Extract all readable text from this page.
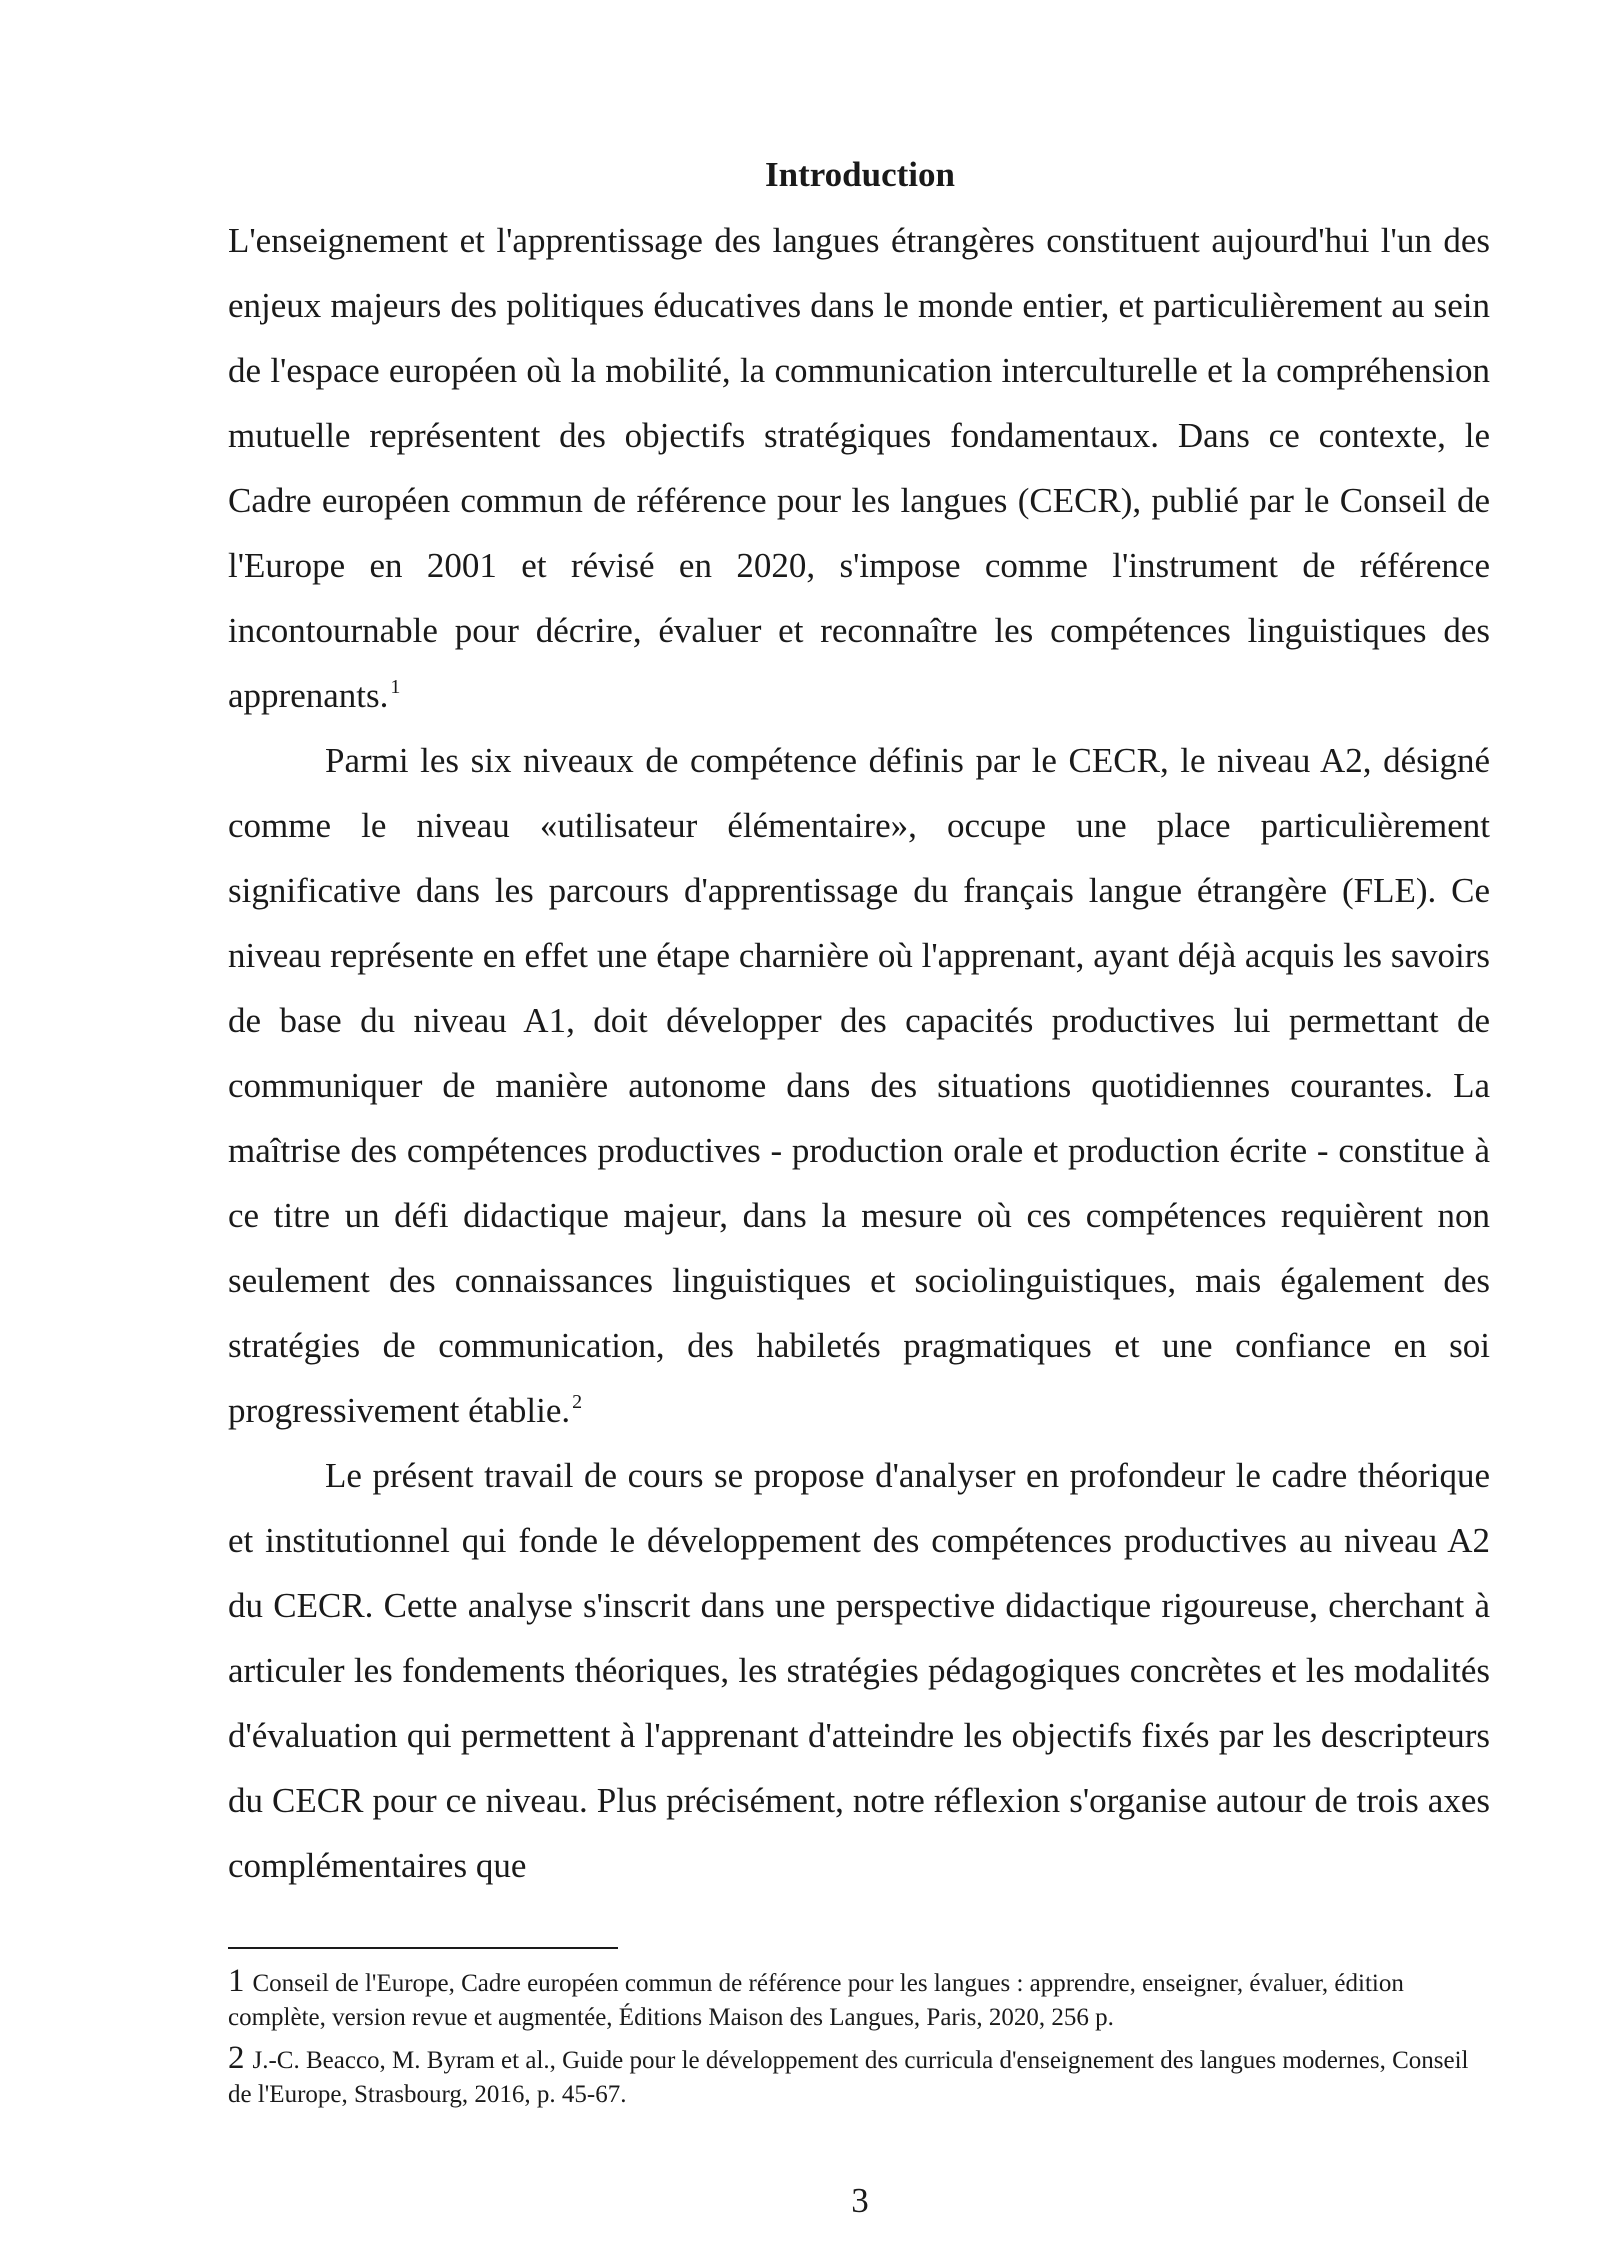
Introduction

L'enseignement et l'apprentissage des langues étrangères constituent aujourd'hui l'un des enjeux majeurs des politiques éducatives dans le monde entier, et particulièrement au sein de l'espace européen où la mobilité, la communication interculturelle et la compréhension mutuelle représentent des objectifs stratégiques fondamentaux. Dans ce contexte, le Cadre européen commun de référence pour les langues (CECR), publié par le Conseil de l'Europe en 2001 et révisé en 2020, s'impose comme l'instrument de référence incontournable pour décrire, évaluer et reconnaître les compétences linguistiques des apprenants. $^1$

Parmi les six niveaux de compétence définis par le CECR, le niveau A2, désigné comme le niveau «utilisateur élémentaire», occupe une place particulièrement significative dans les parcours d'apprentissage du français langue étrangère (FLE). Ce niveau représente en effet une étape charnière où l'apprenant, ayant déjà acquis les savoirs de base du niveau A1, doit développer des capacités productives lui permettant de communiquer de manière autonome dans des situations quotidiennes courantes. La maîtrise des compétences productives - production orale et production écrite - constitue à ce titre un défi didactique majeur, dans la mesure où ces compétences requièrent non seulement des connaissances linguistiques et sociolinguistiques, mais également des stratégies de communication, des habiletés pragmatiques et une confiance en soi progressivement établie. $^2$

Le présent travail de cours se propose d'analyser en profondeur le cadre théorique et institutionnel qui fonde le développement des compétences productives au niveau A2 du CECR. Cette analyse s'inscrit dans une perspective didactique rigoureuse, cherchant à articuler les fondements théoriques, les stratégies pédagogiques concrètes et les modalités d'évaluation qui permettent à l'apprenant d'atteindre les objectifs fixés par les descripteurs du CECR pour ce niveau. Plus précisément, notre réflexion s'organise autour de trois axes complémentaires que

1 Conseil de l'Europe, Cadre européen commun de référence pour les langues : apprendre, enseigner, évaluer, édition complète, version revue et augmentée, Éditions Maison des Langues, Paris, 2020, 256 p.

2 J.-C. Beacco, M. Byram et al., Guide pour le développement des curricula d'enseignement des langues modernes, Conseil de l'Europe, Strasbourg, 2016, p. 45-67.

3
